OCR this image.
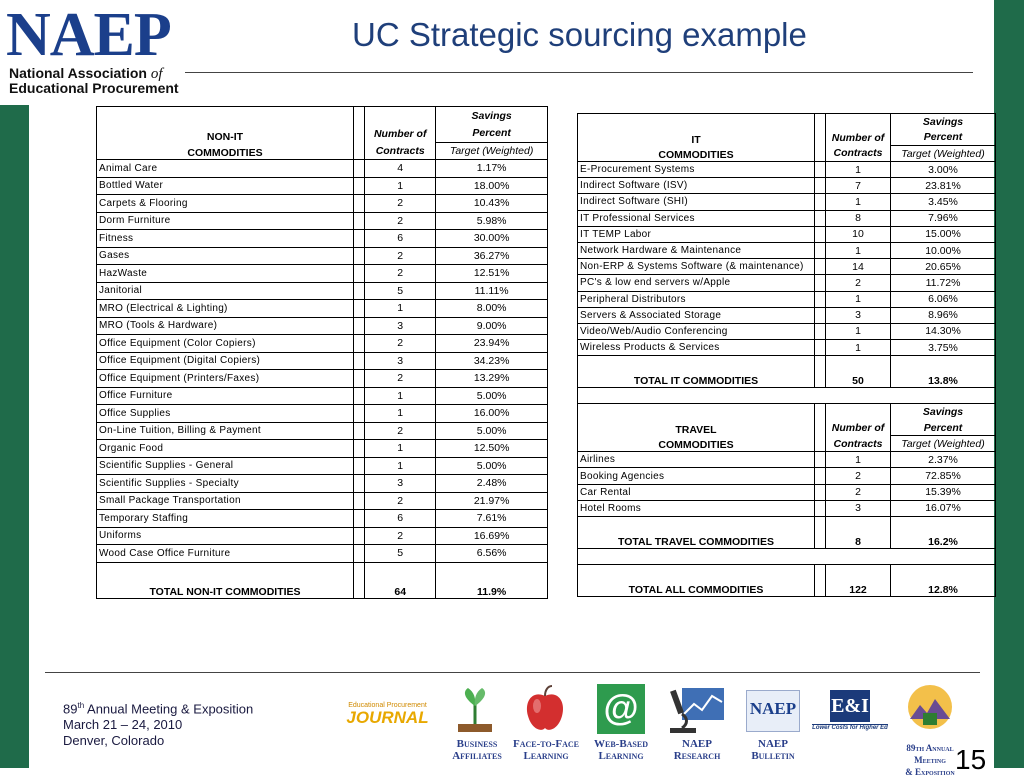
NAEP
National Association of
Educational Procurement
UC Strategic sourcing example
			Savings
NON-IT		Number of	Percent
COMMODITIES		Contracts	Target (Weighted)
Animal Care		4	1.17%
Bottled Water		1	18.00%
Carpets & Flooring		2	10.43%
Dorm Furniture		2	5.98%
Fitness		6	30.00%
Gases		2	36.27%
HazWaste		2	12.51%
Janitorial		5	11.11%
MRO (Electrical & Lighting)		1	8.00%
MRO (Tools & Hardware)		3	9.00%
Office Equipment (Color Copiers)		2	23.94%
Office Equipment (Digital Copiers)		3	34.23%
Office Equipment (Printers/Faxes)		2	13.29%
Office Furniture		1	5.00%
Office Supplies		1	16.00%
On-Line Tuition, Billing & Payment		2	5.00%
Organic Food		1	12.50%
Scientific Supplies - General		1	5.00%
Scientific Supplies - Specialty		3	2.48%
Small Package Transportation		2	21.97%
Temporary Staffing		6	7.61%
Uniforms		2	16.69%
Wood Case Office Furniture		5	6.56%
TOTAL NON-IT COMMODITIES		64	11.9%
			Savings
IT		Number of	Percent
COMMODITIES		Contracts	Target (Weighted)
E-Procurement Systems		1	3.00%
Indirect Software (ISV)		7	23.81%
Indirect Software (SHI)		1	3.45%
IT Professional Services		8	7.96%
IT TEMP Labor		10	15.00%
Network Hardware & Maintenance		1	10.00%
Non-ERP & Systems Software (& maintenance)		14	20.65%
PC's & low end servers w/Apple		2	11.72%
Peripheral Distributors		1	6.06%
Servers & Associated Storage		3	8.96%
Video/Web/Audio Conferencing		1	14.30%
Wireless Products & Services		1	3.75%
TOTAL IT COMMODITIES		50	13.8%

			Savings
TRAVEL		Number of	Percent
COMMODITIES		Contracts	Target (Weighted)
Airlines		1	2.37%
Booking Agencies		2	72.85%
Car Rental		2	15.39%
Hotel Rooms		3	16.07%
TOTAL TRAVEL COMMODITIES		8	16.2%

TOTAL ALL COMMODITIES		122	12.8%
89th Annual Meeting & Exposition
March 21 – 24, 2010
Denver, Colorado
Educational Procurement
JOURNAL	@	NAEP E&I
Lower Costs for Higher Ed
Business
Affiliates
Face-to-Face
Learning
Web-Based
Learning
NAEP
Research
NAEP
Bulletin
89th Annual Meeting
& Exposition 15
